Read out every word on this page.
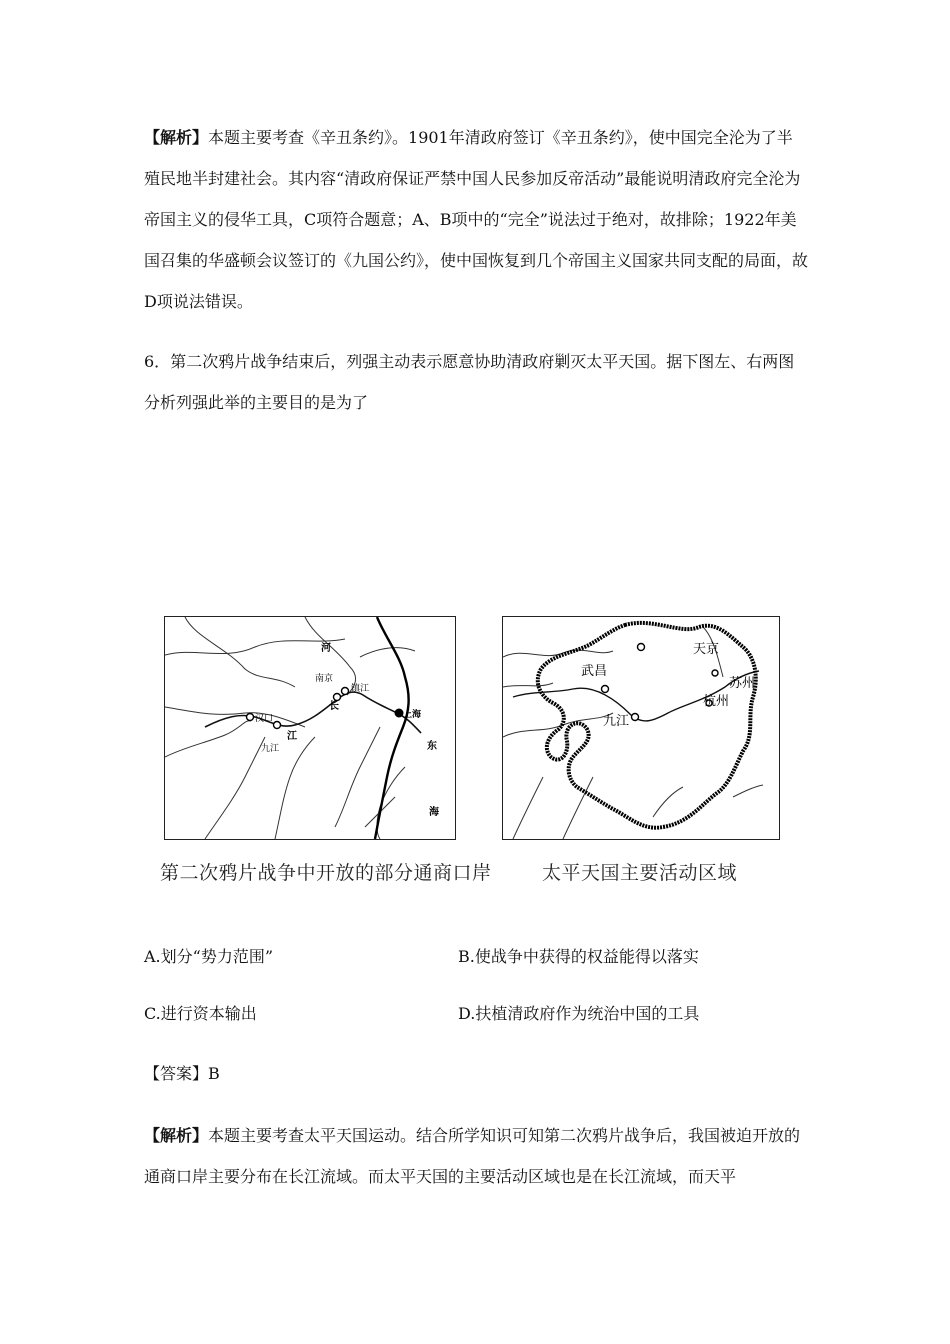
【解析】本题主要考查《辛丑条约》。1901年清政府签订《辛丑条约》，使中国完全沦为了半殖民地半封建社会。其内容“清政府保证严禁中国人民参加反帝活动”最能说明清政府完全沦为帝国主义的侵华工具，C项符合题意；A、B项中的“完全”说法过于绝对，故排除；1922年美国召集的华盛顿会议签订的《九国公约》，使中国恢复到几个帝国主义国家共同支配的局面，故D项说法错误。

6．第二次鸦片战争结束后，列强主动表示愿意协助清政府剿灭太平天国。据下图左、右两图分析列强此举的主要目的是为了

河
南京
长
镇江
汉口
江
九江
上海
东
海
天京
武昌
苏州
杭州
九江
第二次鸦片战争中开放的部分通商口岸	太平天国主要活动区域
A.划分“势力范围”	B.使战争中获得的权益能得以落实
C.进行资本输出	D.扶植清政府作为统治中国的工具
【答案】B

【解析】本题主要考查太平天国运动。结合所学知识可知第二次鸦片战争后，我国被迫开放的通商口岸主要分布在长江流域。而太平天国的主要活动区域也是在长江流域，而天平
